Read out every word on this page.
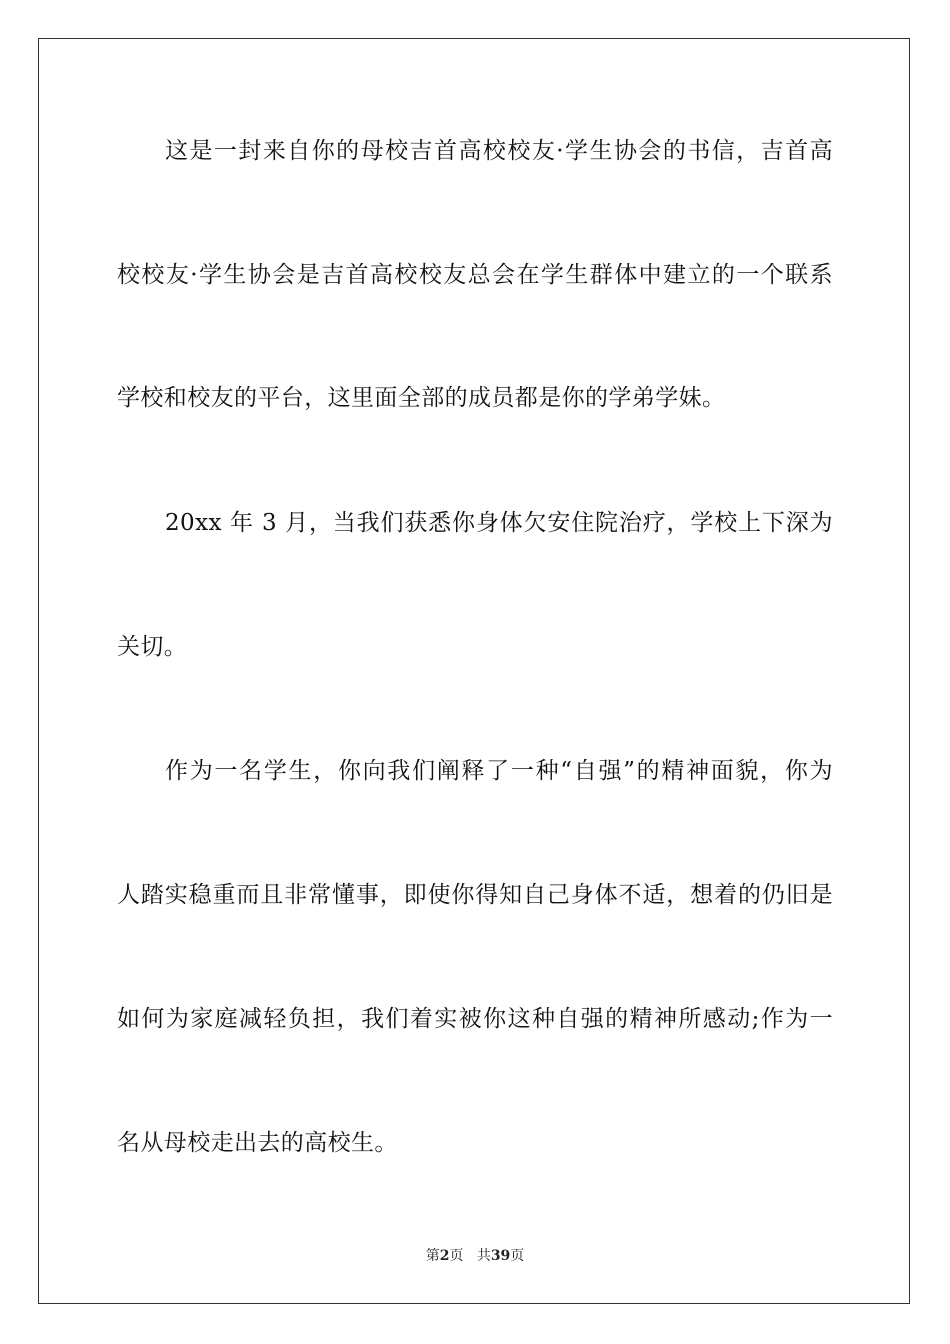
这是一封来自你的母校吉首高校校友·学生协会的书信，吉首高
校校友·学生协会是吉首高校校友总会在学生群体中建立的一个联系
学校和校友的平台，这里面全部的成员都是你的学弟学妹。
20xx 年 3 月，当我们获悉你身体欠安住院治疗，学校上下深为
关切。
作为一名学生，你向我们阐释了一种“自强”的精神面貌，你为
人踏实稳重而且非常懂事，即使你得知自己身体不适，想着的仍旧是
如何为家庭减轻负担，我们着实被你这种自强的精神所感动;作为一
名从母校走出去的高校生。
第2页 共39页
